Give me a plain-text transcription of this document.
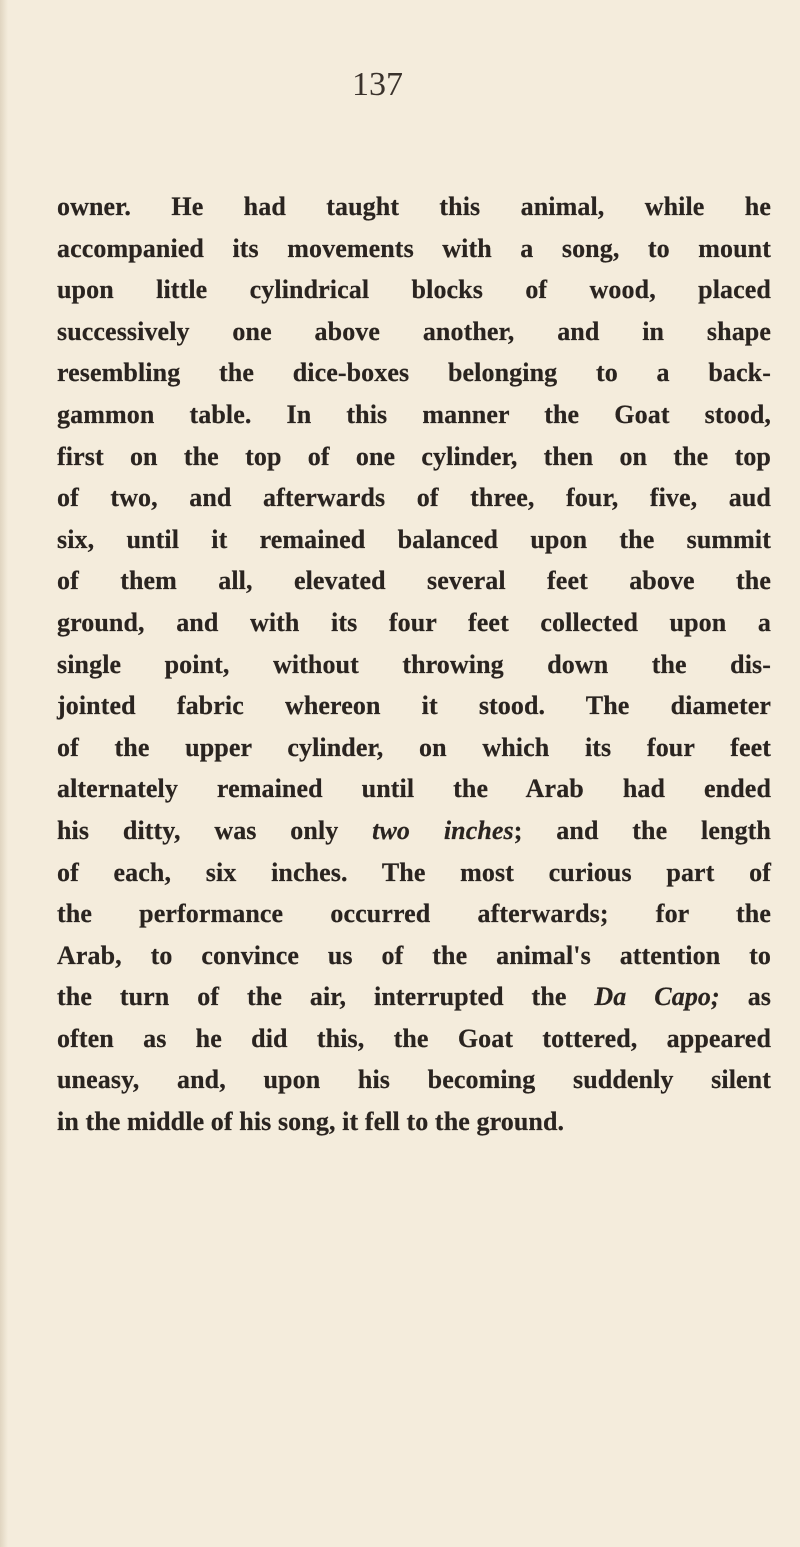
137
owner. He had taught this animal, while he
accompanied its movements with a song, to mount
upon little cylindrical blocks of wood, placed
successively one above another, and in shape
resembling the dice-boxes belonging to a back-
gammon table. In this manner the Goat stood,
first on the top of one cylinder, then on the top
of two, and afterwards of three, four, five, aud
six, until it remained balanced upon the summit
of them all, elevated several feet above the
ground, and with its four feet collected upon a
single point, without throwing down the dis-
jointed fabric whereon it stood. The diameter
of the upper cylinder, on which its four feet
alternately remained until the Arab had ended
his ditty, was only two inches; and the length
of each, six inches. The most curious part of
the performance occurred afterwards; for the
Arab, to convince us of the animal's attention to
the turn of the air, interrupted the Da Capo; as
often as he did this, the Goat tottered, appeared
uneasy, and, upon his becoming suddenly silent
in the middle of his song, it fell to the ground.
